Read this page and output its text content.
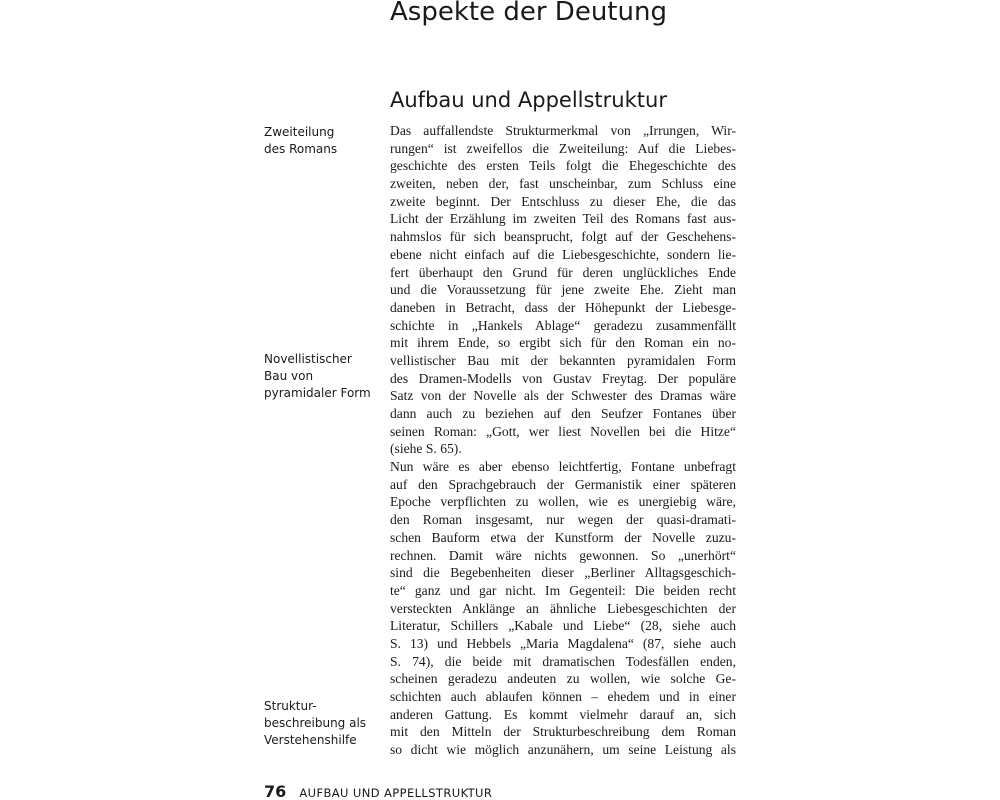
Aspekte der Deutung
Aufbau und Appellstruktur
Zweiteilung
des Romans
Novellistischer
Bau von
pyramidaler Form
Struktur-
beschreibung als
Verstehenshilfe
Das auffallendste Strukturmerkmal von „Irrungen, Wir-
rungen“ ist zweifellos die Zweiteilung: Auf die Liebes-
geschichte des ersten Teils folgt die Ehegeschichte des
zweiten, neben der, fast unscheinbar, zum Schluss eine
zweite beginnt. Der Entschluss zu dieser Ehe, die das
Licht der Erzählung im zweiten Teil des Romans fast aus-
nahmslos für sich beansprucht, folgt auf der Geschehens-
ebene nicht einfach auf die Liebesgeschichte, sondern lie-
fert überhaupt den Grund für deren unglückliches Ende
und die Voraussetzung für jene zweite Ehe. Zieht man
daneben in Betracht, dass der Höhepunkt der Liebesge-
schichte in „Hankels Ablage“ geradezu zusammenfällt
mit ihrem Ende, so ergibt sich für den Roman ein no-
vellistischer Bau mit der bekannten pyramidalen Form
des Dramen-Modells von Gustav Freytag. Der populäre
Satz von der Novelle als der Schwester des Dramas wäre
dann auch zu beziehen auf den Seufzer Fontanes über
seinen Roman: „Gott, wer liest Novellen bei die Hitze“
(siehe S. 65).
Nun wäre es aber ebenso leichtfertig, Fontane unbefragt
auf den Sprachgebrauch der Germanistik einer späteren
Epoche verpflichten zu wollen, wie es unergiebig wäre,
den Roman insgesamt, nur wegen der quasi-dramati-
schen Bauform etwa der Kunstform der Novelle zuzu-
rechnen. Damit wäre nichts gewonnen. So „unerhört“
sind die Begebenheiten dieser „Berliner Alltagsgeschich-
te“ ganz und gar nicht. Im Gegenteil: Die beiden recht
versteckten Anklänge an ähnliche Liebesgeschichten der
Literatur, Schillers „Kabale und Liebe“ (28, siehe auch
S. 13) und Hebbels „Maria Magdalena“ (87, siehe auch
S. 74), die beide mit dramatischen Todesfällen enden,
scheinen geradezu andeuten zu wollen, wie solche Ge-
schichten auch ablaufen können – ehedem und in einer
anderen Gattung. Es kommt vielmehr darauf an, sich
mit den Mitteln der Strukturbeschreibung dem Roman
so dicht wie möglich anzunähern, um seine Leistung als
76 AUFBAU UND APPELLSTRUKTUR
